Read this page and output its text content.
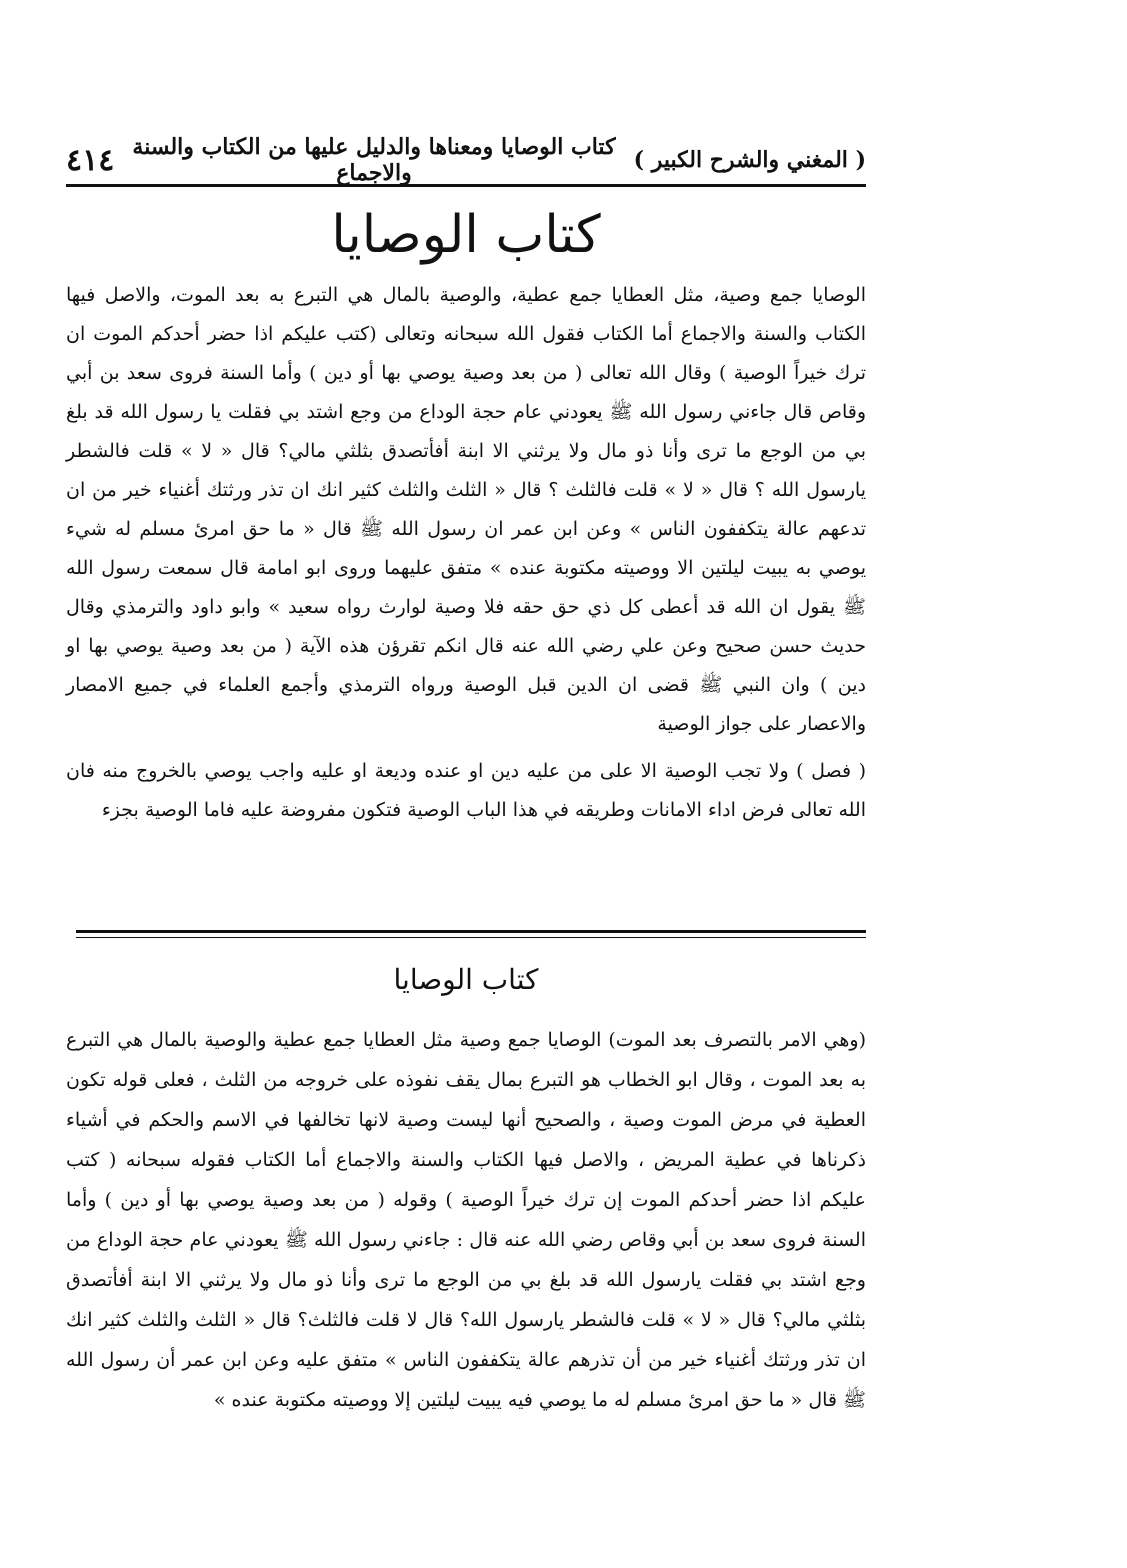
٤١٤ كتاب الوصايا ومعناها والدليل عليها من الكتاب والسنة والاجماع	( المغني والشرح الكبير )
كتاب الوصايا

الوصايا جمع وصية، مثل العطايا جمع عطية، والوصية بالمال هي التبرع به بعد الموت، والاصل فيها الكتاب والسنة والاجماع أما الكتاب فقول الله سبحانه وتعالى (كتب عليكم اذا حضر أحدكم الموت ان ترك خيراً الوصية ) وقال الله تعالى ( من بعد وصية يوصي بها أو دين ) وأما السنة فروى سعد بن أبي وقاص قال جاءني رسول الله ﷺ يعودني عام حجة الوداع من وجع اشتد بي فقلت يا رسول الله قد بلغ بي من الوجع ما ترى وأنا ذو مال ولا يرثني الا ابنة أفأتصدق بثلثي مالي؟ قال « لا » قلت فالشطر يارسول الله ؟ قال « لا » قلت فالثلث ؟ قال « الثلث والثلث كثير انك ان تذر ورثتك أغنياء خير من ان تدعهم عالة يتكففون الناس » وعن ابن عمر ان رسول الله ﷺ قال « ما حق امرئ مسلم له شيء يوصي به يبيت ليلتين الا ووصيته مكتوبة عنده » متفق عليهما وروى ابو امامة قال سمعت رسول الله ﷺ يقول ان الله قد أعطى كل ذي حق حقه فلا وصية لوارث رواه سعيد » وابو داود والترمذي وقال حديث حسن صحيح وعن علي رضي الله عنه قال انكم تقرؤن هذه الآية ( من بعد وصية يوصي بها او دين ) وان النبي ﷺ قضى ان الدين قبل الوصية ورواه الترمذي وأجمع العلماء في جميع الامصار والاعصار على جواز الوصية

( فصل ) ولا تجب الوصية الا على من عليه دين او عنده وديعة او عليه واجب يوصي بالخروج منه فان الله تعالى فرض اداء الامانات وطريقه في هذا الباب الوصية فتكون مفروضة عليه فاما الوصية بجزء

كتاب الوصايا

(وهي الامر بالتصرف بعد الموت) الوصايا جمع وصية مثل العطايا جمع عطية والوصية بالمال هي التبرع به بعد الموت ، وقال ابو الخطاب هو التبرع بمال يقف نفوذه على خروجه من الثلث ، فعلى قوله تكون العطية في مرض الموت وصية ، والصحيح أنها ليست وصية لانها تخالفها في الاسم والحكم في أشياء ذكرناها في عطية المريض ، والاصل فيها الكتاب والسنة والاجماع أما الكتاب فقوله سبحانه ( كتب عليكم اذا حضر أحدكم الموت إن ترك خيراً الوصية ) وقوله ( من بعد وصية يوصي بها أو دين ) وأما السنة فروى سعد بن أبي وقاص رضي الله عنه قال : جاءني رسول الله ﷺ يعودني عام حجة الوداع من وجع اشتد بي فقلت يارسول الله قد بلغ بي من الوجع ما ترى وأنا ذو مال ولا يرثني الا ابنة أفأتصدق بثلثي مالي؟ قال « لا » قلت فالشطر يارسول الله؟ قال لا قلت فالثلث؟ قال « الثلث والثلث كثير انك ان تذر ورثتك أغنياء خير من أن تذرهم عالة يتكففون الناس » متفق عليه وعن ابن عمر أن رسول الله ﷺ قال « ما حق امرئ مسلم له ما يوصي فيه يبيت ليلتين إلا ووصيته مكتوبة عنده »
